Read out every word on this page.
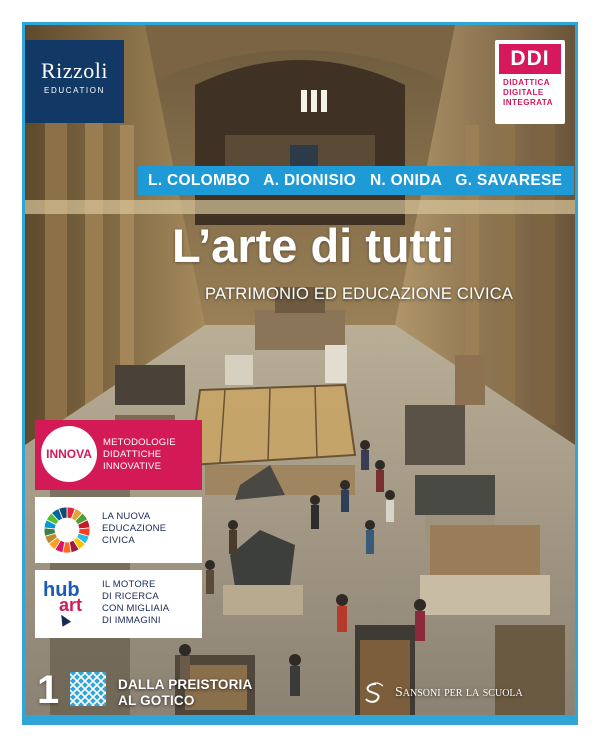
Rizzoli
EDUCATION
DDI
DIDATTICA
DIGITALE
INTEGRATA
L. COLOMBO   A. DIONISIO   N. ONIDA   G. SAVARESE
L’arte di tutti
PATRIMONIO ED EDUCAZIONE CIVICA
INNOVA
METODOLOGIE
DIDATTICHE
INNOVATIVE
LA NUOVA
EDUCAZIONE
CIVICA
hub
art
IL MOTORE
DI RICERCA
CON MIGLIAIA
DI IMMAGINI
1	DALLA PREISTORIA
AL GOTICO
Sansoni per la scuola
